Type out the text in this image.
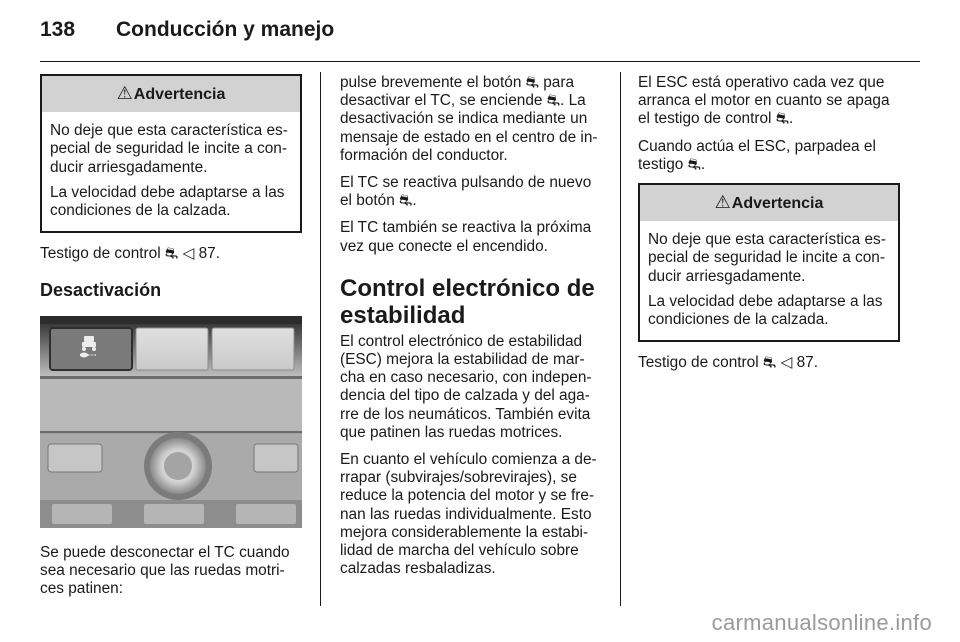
138 Conducción y manejo
⚠Advertencia

No deje que esta característica es-pecial de seguridad le incite a con-ducir arriesgadamente.

La velocidad debe adaptarse a las condiciones de la calzada.

Testigo de control ⛐ ◁ 87.

Desactivación

Se puede desconectar el TC cuando sea necesario que las ruedas motri-ces patinen:

pulse brevemente el botón ⛐ para desactivar el TC, se enciende ⛐. La desactivación se indica mediante un mensaje de estado en el centro de in-formación del conductor.

El TC se reactiva pulsando de nuevo el botón ⛐.

El TC también se reactiva la próxima vez que conecte el encendido.

Control electrónico de estabilidad

El control electrónico de estabilidad (ESC) mejora la estabilidad de mar-cha en caso necesario, con indepen-dencia del tipo de calzada y del aga-rre de los neumáticos. También evita que patinen las ruedas motrices.

En cuanto el vehículo comienza a de-rrapar (subvirajes/sobrevirajes), se reduce la potencia del motor y se fre-nan las ruedas individualmente. Esto mejora considerablemente la estabi-lidad de marcha del vehículo sobre calzadas resbaladizas.

El ESC está operativo cada vez que arranca el motor en cuanto se apaga el testigo de control ⛐.

Cuando actúa el ESC, parpadea el testigo ⛐.

⚠Advertencia

No deje que esta característica es-pecial de seguridad le incite a con-ducir arriesgadamente.

La velocidad debe adaptarse a las condiciones de la calzada.

Testigo de control ⛐ ◁ 87.

carmanualsonline.info
